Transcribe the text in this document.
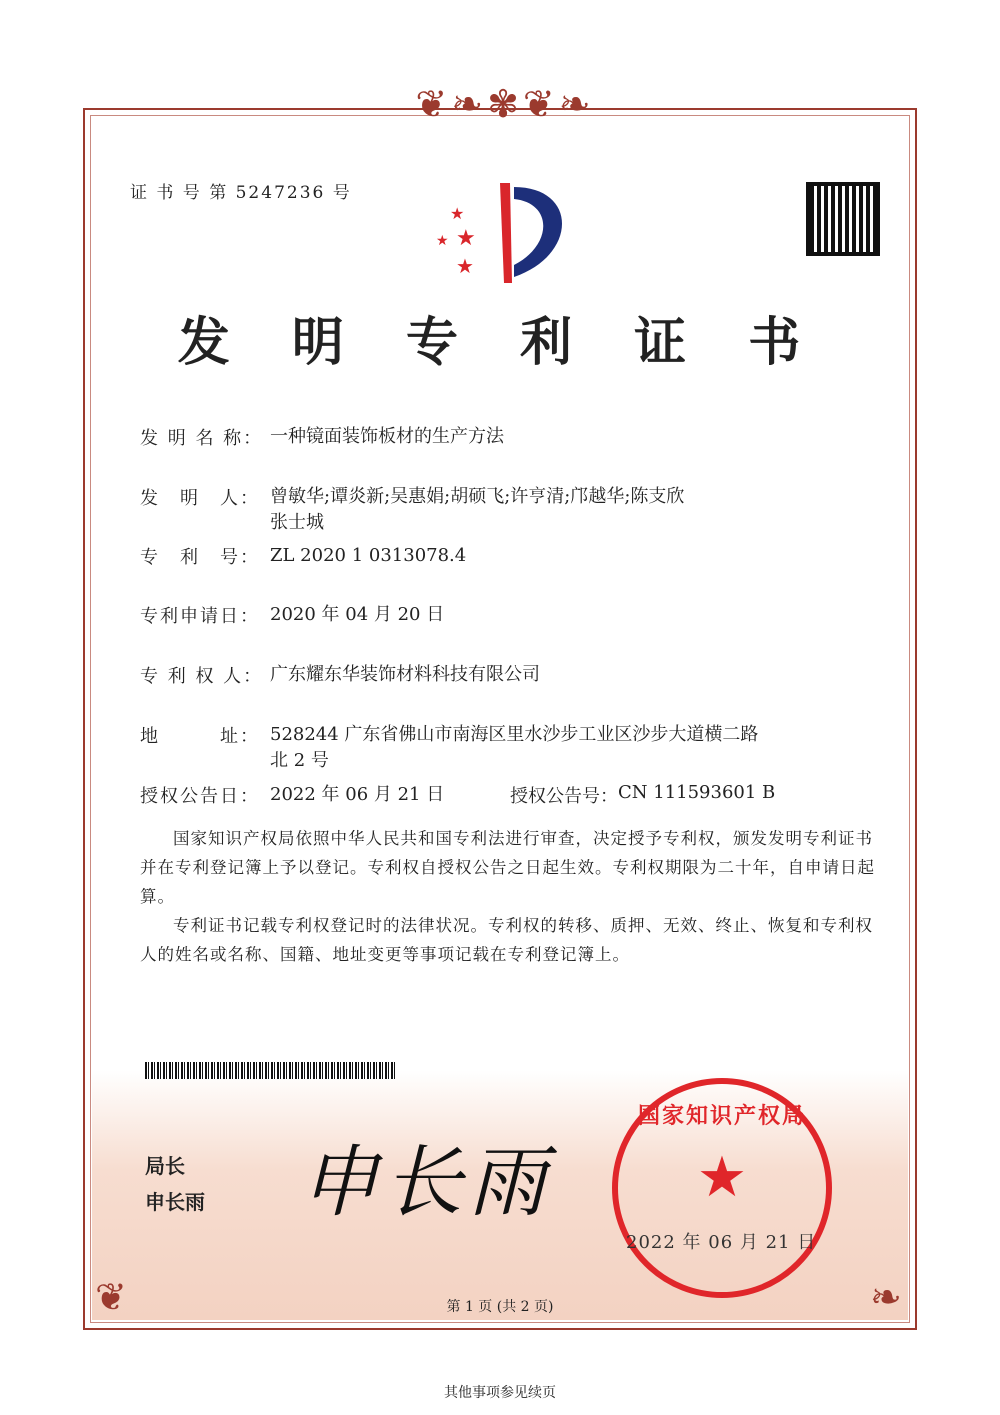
❦❧✾❦❧
❦	❧
证 书 号 第 5247236 号
★
★ ★
★
发 明 专 利 证 书
发 明 名 称： 一种镜面装饰板材的生产方法
发　明　人： 曾敏华;谭炎新;吴惠娟;胡硕飞;许亨清;邝越华;陈支欣
张士城
专　利　号： ZL 2020 1 0313078.4
专利申请日： 2020 年 04 月 20 日
专 利 权 人： 广东耀东华装饰材料科技有限公司
地　　　址： 528244 广东省佛山市南海区里水沙步工业区沙步大道横二路北 2 号
授权公告日： 2022 年 06 月 21 日	授权公告号： CN 111593601 B

国家知识产权局依照中华人民共和国专利法进行审查，决定授予专利权，颁发发明专利证书并在专利登记簿上予以登记。专利权自授权公告之日起生效。专利权期限为二十年，自申请日起算。

专利证书记载专利权登记时的法律状况。专利权的转移、质押、无效、终止、恢复和专利权人的姓名或名称、国籍、地址变更等事项记载在专利登记簿上。

局长
申长雨 申长雨
国家知识产权局
★
2022 年 06 月 21 日
第 1 页 (共 2 页)
其他事项参见续页
